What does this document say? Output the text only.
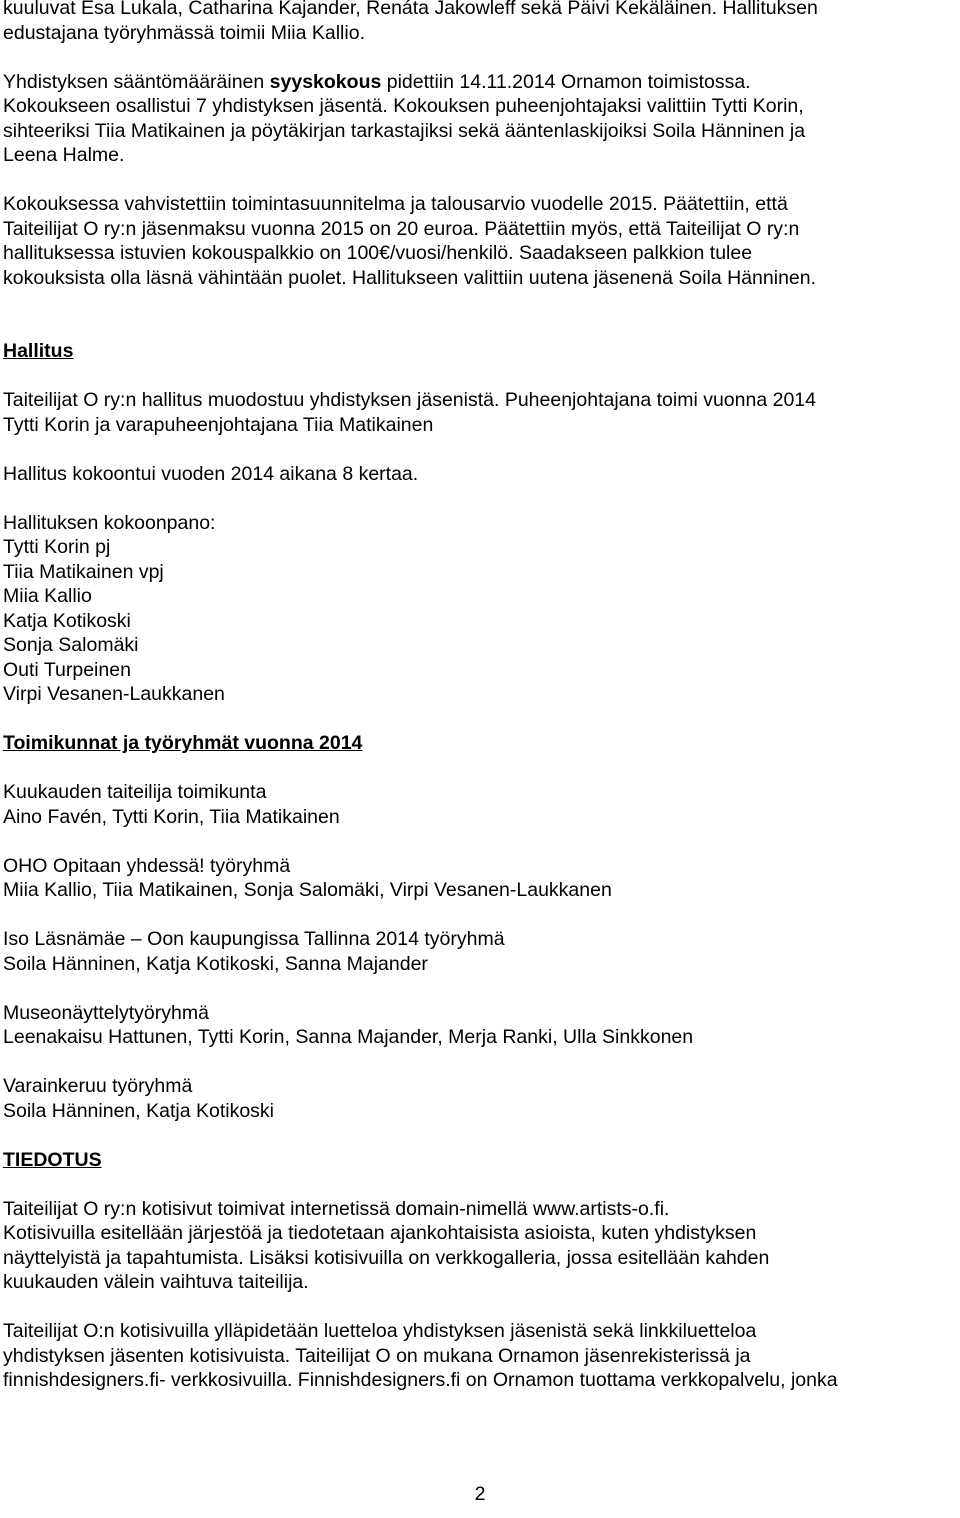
kuuluvat Esa Lukala, Catharina Kajander, Renáta Jakowleff sekä Päivi Kekäläinen. Hallituksen
edustajana työryhmässä toimii Miia Kallio.

Yhdistyksen sääntömääräinen syyskokous pidettiin 14.11.2014 Ornamon toimistossa.
Kokoukseen osallistui 7 yhdistyksen jäsentä. Kokouksen puheenjohtajaksi valittiin Tytti Korin,
sihteeriksi Tiia Matikainen ja pöytäkirjan tarkastajiksi sekä ääntenlaskijoiksi Soila Hänninen ja
Leena Halme.

Kokouksessa vahvistettiin toimintasuunnitelma ja talousarvio vuodelle 2015. Päätettiin, että
Taiteilijat O ry:n jäsenmaksu vuonna 2015 on 20 euroa. Päätettiin myös, että Taiteilijat O ry:n
hallituksessa istuvien kokouspalkkio on 100€/vuosi/henkilö. Saadakseen palkkion tulee
kokouksista olla läsnä vähintään puolet. Hallitukseen valittiin uutena jäsenenä Soila Hänninen.

Hallitus

Taiteilijat O ry:n hallitus muodostuu yhdistyksen jäsenistä. Puheenjohtajana toimi vuonna 2014
Tytti Korin ja varapuheenjohtajana Tiia Matikainen

Hallitus kokoontui vuoden 2014 aikana 8 kertaa.

Hallituksen kokoonpano:
Tytti Korin pj
Tiia Matikainen vpj
Miia Kallio
Katja Kotikoski
Sonja Salomäki
Outi Turpeinen
Virpi Vesanen-Laukkanen
Toimikunnat ja työryhmät vuonna 2014
Kuukauden taiteilija toimikunta
Aino Favén, Tytti Korin, Tiia Matikainen
OHO Opitaan yhdessä! työryhmä
Miia Kallio, Tiia Matikainen, Sonja Salomäki, Virpi Vesanen-Laukkanen
Iso Läsnämäe – Oon kaupungissa Tallinna 2014 työryhmä
Soila Hänninen, Katja Kotikoski, Sanna Majander
Museonäyttelytyöryhmä
Leenakaisu Hattunen, Tytti Korin, Sanna Majander, Merja Ranki, Ulla Sinkkonen
Varainkeruu työryhmä
Soila Hänninen, Katja Kotikoski
TIEDOTUS

Taiteilijat O ry:n kotisivut toimivat internetissä domain-nimellä www.artists-o.fi.
Kotisivuilla esitellään järjestöä ja tiedotetaan ajankohtaisista asioista, kuten yhdistyksen
näyttelyistä ja tapahtumista. Lisäksi kotisivuilla on verkkogalleria, jossa esitellään kahden
kuukauden välein vaihtuva taiteilija.

Taiteilijat O:n kotisivuilla ylläpidetään luetteloa yhdistyksen jäsenistä sekä linkkiluetteloa
yhdistyksen jäsenten kotisivuista. Taiteilijat O on mukana Ornamon jäsenrekisterissä ja
finnishdesigners.fi- verkkosivuilla. Finnishdesigners.fi on Ornamon tuottama verkkopalvelu, jonka

2
